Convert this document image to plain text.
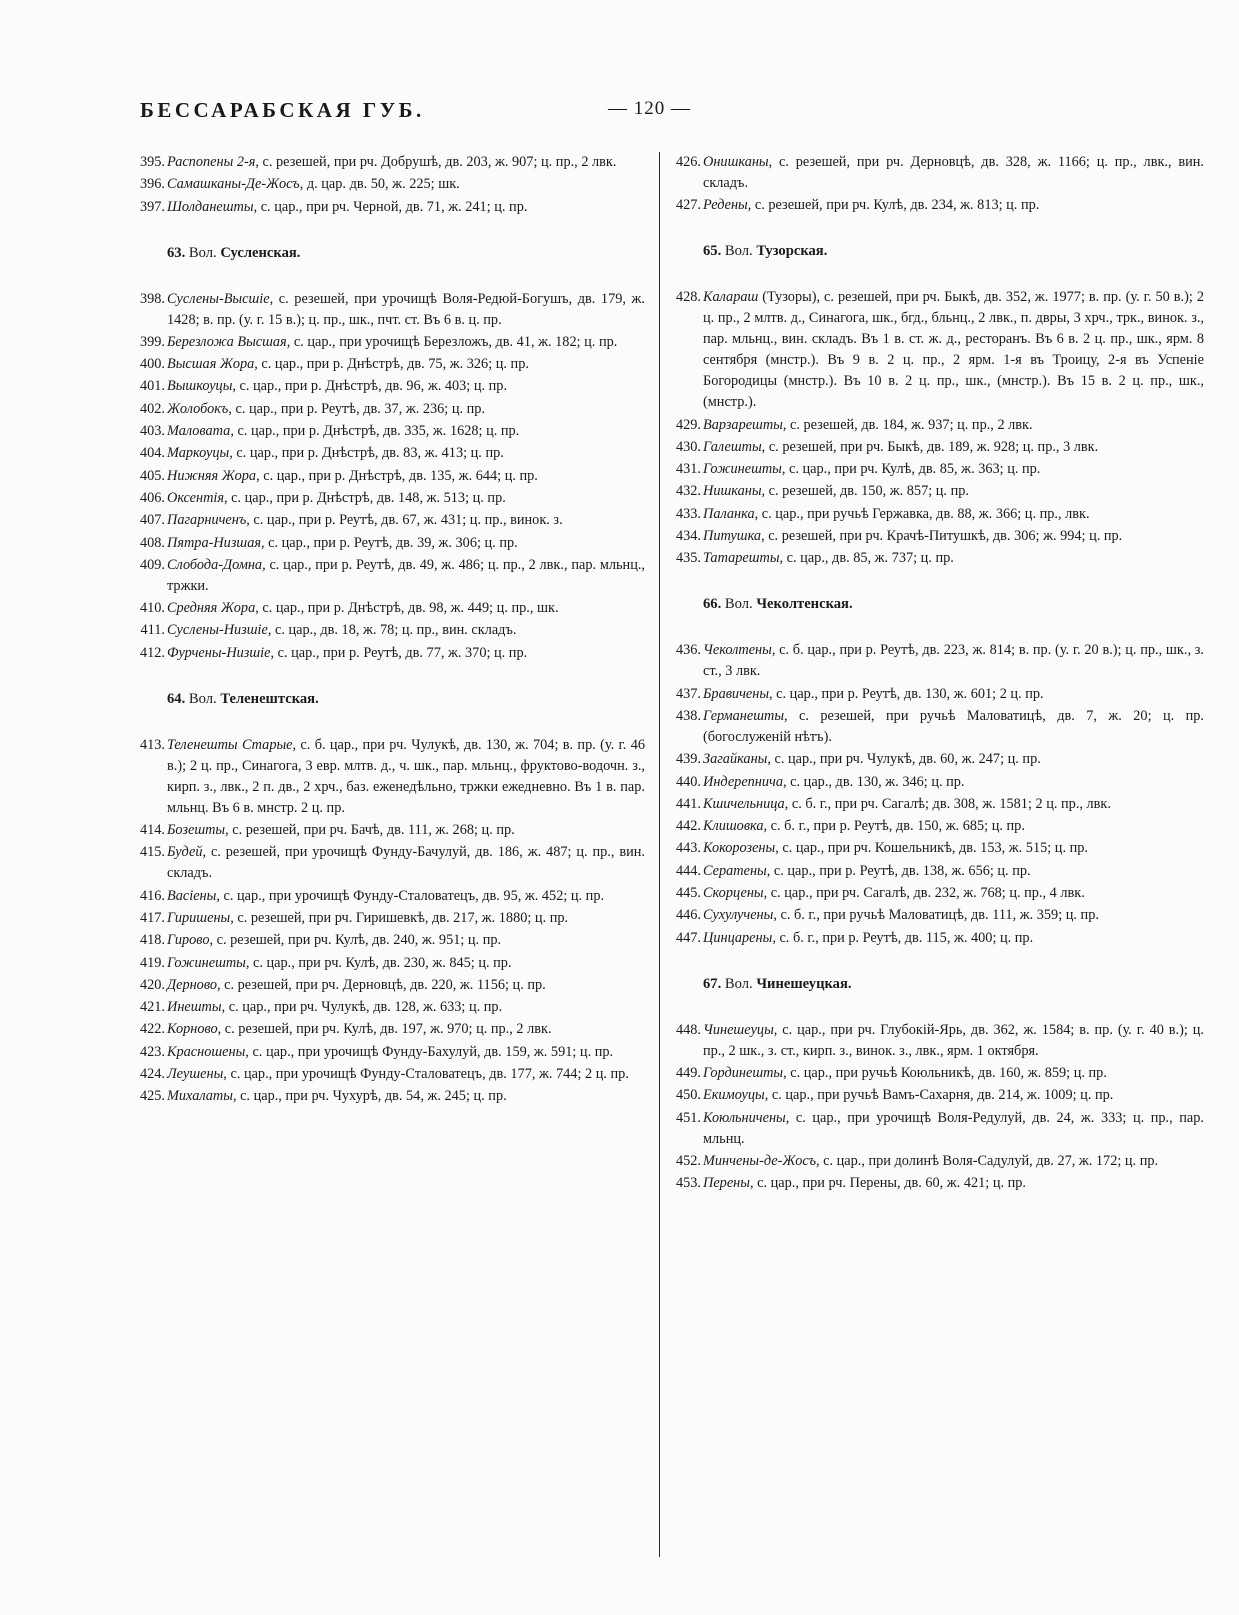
БЕССАРАБСКАЯ ГУБ.	— 120 —
395. Распопены 2-я, с. резешей, при рч. Добрушѣ, дв. 203, ж. 907; ц. пр., 2 лвк.
396. Самашканы-Де-Жосъ, д. цар. дв. 50, ж. 225; шк.
397. Шолданешты, с. цар., при рч. Черной, дв. 71, ж. 241; ц. пр.
63. Вол. Сусленская.
398. Суслены-Высшіе, с. резешей, при урочищѣ Воля-Редюй-Богушъ, дв. 179, ж. 1428; в. пр. (у. г. 15 в.); ц. пр., шк., пчт. ст. Въ 6 в. ц. пр.
399. Березложа Высшая, с. цар., при урочищѣ Березложъ, дв. 41, ж. 182; ц. пр.
400. Высшая Жора, с. цар., при р. Днѣстрѣ, дв. 75, ж. 326; ц. пр.
401. Вышкоуцы, с. цар., при р. Днѣстрѣ, дв. 96, ж. 403; ц. пр.
402. Жолобокъ, с. цар., при р. Реутѣ, дв. 37, ж. 236; ц. пр.
403. Маловата, с. цар., при р. Днѣстрѣ, дв. 335, ж. 1628; ц. пр.
404. Маркоуцы, с. цар., при р. Днѣстрѣ, дв. 83, ж. 413; ц. пр.
405. Нижняя Жора, с. цар., при р. Днѣстрѣ, дв. 135, ж. 644; ц. пр.
406. Оксентія, с. цар., при р. Днѣстрѣ, дв. 148, ж. 513; ц. пр.
407. Пагарниченъ, с. цар., при р. Реутѣ, дв. 67, ж. 431; ц. пр., винок. з.
408. Пятра-Низшая, с. цар., при р. Реутѣ, дв. 39, ж. 306; ц. пр.
409. Слобода-Домна, с. цар., при р. Реутѣ, дв. 49, ж. 486; ц. пр., 2 лвк., пар. мльнц., тржки.
410. Средняя Жора, с. цар., при р. Днѣстрѣ, дв. 98, ж. 449; ц. пр., шк.
411. Суслены-Низшіе, с. цар., дв. 18, ж. 78; ц. пр., вин. складъ.
412. Фурчены-Низшіе, с. цар., при р. Реутѣ, дв. 77, ж. 370; ц. пр.
64. Вол. Теленештская.
413. Теленешты Старые, с. б. цар., при рч. Чулукѣ, дв. 130, ж. 704; в. пр. (у. г. 46 в.); 2 ц. пр., Синагога, 3 евр. млтв. д., ч. шк., пар. мльнц., фруктово-водочн. з., кирп. з., лвк., 2 п. дв., 2 хрч., баз. еженедѣльно, тржки ежедневно. Въ 1 в. пар. мльнц. Въ 6 в. мнстр. 2 ц. пр.
414. Бозешты, с. резешей, при рч. Бачѣ, дв. 111, ж. 268; ц. пр.
415. Будей, с. резешей, при урочищѣ Фунду-Бачулуй, дв. 186, ж. 487; ц. пр., вин. складъ.
416. Васіены, с. цар., при урочищѣ Фунду-Сталоватецъ, дв. 95, ж. 452; ц. пр.
417. Гиришены, с. резешей, при рч. Гиришевкѣ, дв. 217, ж. 1880; ц. пр.
418. Гирово, с. резешей, при рч. Кулѣ, дв. 240, ж. 951; ц. пр.
419. Гожинешты, с. цар., при рч. Кулѣ, дв. 230, ж. 845; ц. пр.
420. Дерново, с. резешей, при рч. Дерновцѣ, дв. 220, ж. 1156; ц. пр.
421. Инешты, с. цар., при рч. Чулукѣ, дв. 128, ж. 633; ц. пр.
422. Корново, с. резешей, при рч. Кулѣ, дв. 197, ж. 970; ц. пр., 2 лвк.
423. Красношены, с. цар., при урочищѣ Фунду-Бахулуй, дв. 159, ж. 591; ц. пр.
424. Леушены, с. цар., при урочищѣ Фунду-Сталоватецъ, дв. 177, ж. 744; 2 ц. пр.
425. Михалаты, с. цар., при рч. Чухурѣ, дв. 54, ж. 245; ц. пр.
426. Онишканы, с. резешей, при рч. Дерновцѣ, дв. 328, ж. 1166; ц. пр., лвк., вин. складъ.
427. Редены, с. резешей, при рч. Кулѣ, дв. 234, ж. 813; ц. пр.
65. Вол. Тузорская.
428. Калараш (Тузоры), с. резешей, при рч. Быкѣ, дв. 352, ж. 1977; в. пр. (у. г. 50 в.); 2 ц. пр., 2 млтв. д., Синагога, шк., бгд., бльнц., 2 лвк., п. двры, 3 хрч., трк., винок. з., пар. мльнц., вин. складъ. Въ 1 в. ст. ж. д., ресторанъ. Въ 6 в. 2 ц. пр., шк., ярм. 8 сентября (мнстр.). Въ 9 в. 2 ц. пр., 2 ярм. 1-я въ Троицу, 2-я въ Успеніе Богородицы (мнстр.). Въ 10 в. 2 ц. пр., шк., (мнстр.). Въ 15 в. 2 ц. пр., шк., (мнстр.).
429. Варзарешты, с. резешей, дв. 184, ж. 937; ц. пр., 2 лвк.
430. Галешты, с. резешей, при рч. Быкѣ, дв. 189, ж. 928; ц. пр., 3 лвк.
431. Гожинешты, с. цар., при рч. Кулѣ, дв. 85, ж. 363; ц. пр.
432. Нишканы, с. резешей, дв. 150, ж. 857; ц. пр.
433. Паланка, с. цар., при ручьѣ Гержавка, дв. 88, ж. 366; ц. пр., лвк.
434. Питушка, с. резешей, при рч. Крачѣ-Питушкѣ, дв. 306; ж. 994; ц. пр.
435. Татарешты, с. цар., дв. 85, ж. 737; ц. пр.
66. Вол. Чеколтенская.
436. Чеколтены, с. б. цар., при р. Реутѣ, дв. 223, ж. 814; в. пр. (у. г. 20 в.); ц. пр., шк., з. ст., 3 лвк.
437. Бравичены, с. цар., при р. Реутѣ, дв. 130, ж. 601; 2 ц. пр.
438. Германешты, с. резешей, при ручьѣ Маловатицѣ, дв. 7, ж. 20; ц. пр. (богослуженій нѣтъ).
439. Загайканы, с. цар., при рч. Чулукѣ, дв. 60, ж. 247; ц. пр.
440. Индерепнича, с. цар., дв. 130, ж. 346; ц. пр.
441. Кшичельница, с. б. г., при рч. Сагалѣ; дв. 308, ж. 1581; 2 ц. пр., лвк.
442. Клишовка, с. б. г., при р. Реутѣ, дв. 150, ж. 685; ц. пр.
443. Кокорозены, с. цар., при рч. Кошельникѣ, дв. 153, ж. 515; ц. пр.
444. Сератены, с. цар., при р. Реутѣ, дв. 138, ж. 656; ц. пр.
445. Скорцены, с. цар., при рч. Сагалѣ, дв. 232, ж. 768; ц. пр., 4 лвк.
446. Сухулучены, с. б. г., при ручьѣ Маловатицѣ, дв. 111, ж. 359; ц. пр.
447. Цинцарены, с. б. г., при р. Реутѣ, дв. 115, ж. 400; ц. пр.
67. Вол. Чинешеуцкая.
448. Чинешеуцы, с. цар., при рч. Глубокій-Ярь, дв. 362, ж. 1584; в. пр. (у. г. 40 в.); ц. пр., 2 шк., з. ст., кирп. з., винок. з., лвк., ярм. 1 октября.
449. Гординешты, с. цар., при ручьѣ Коюльникѣ, дв. 160, ж. 859; ц. пр.
450. Екимоуцы, с. цар., при ручьѣ Вамъ-Сахарня, дв. 214, ж. 1009; ц. пр.
451. Коюльничены, с. цар., при урочищѣ Воля-Редулуй, дв. 24, ж. 333; ц. пр., пар. мльнц.
452. Минчены-де-Жосъ, с. цар., при долинѣ Воля-Садулуй, дв. 27, ж. 172; ц. пр.
453. Перены, с. цар., при рч. Перены, дв. 60, ж. 421; ц. пр.
